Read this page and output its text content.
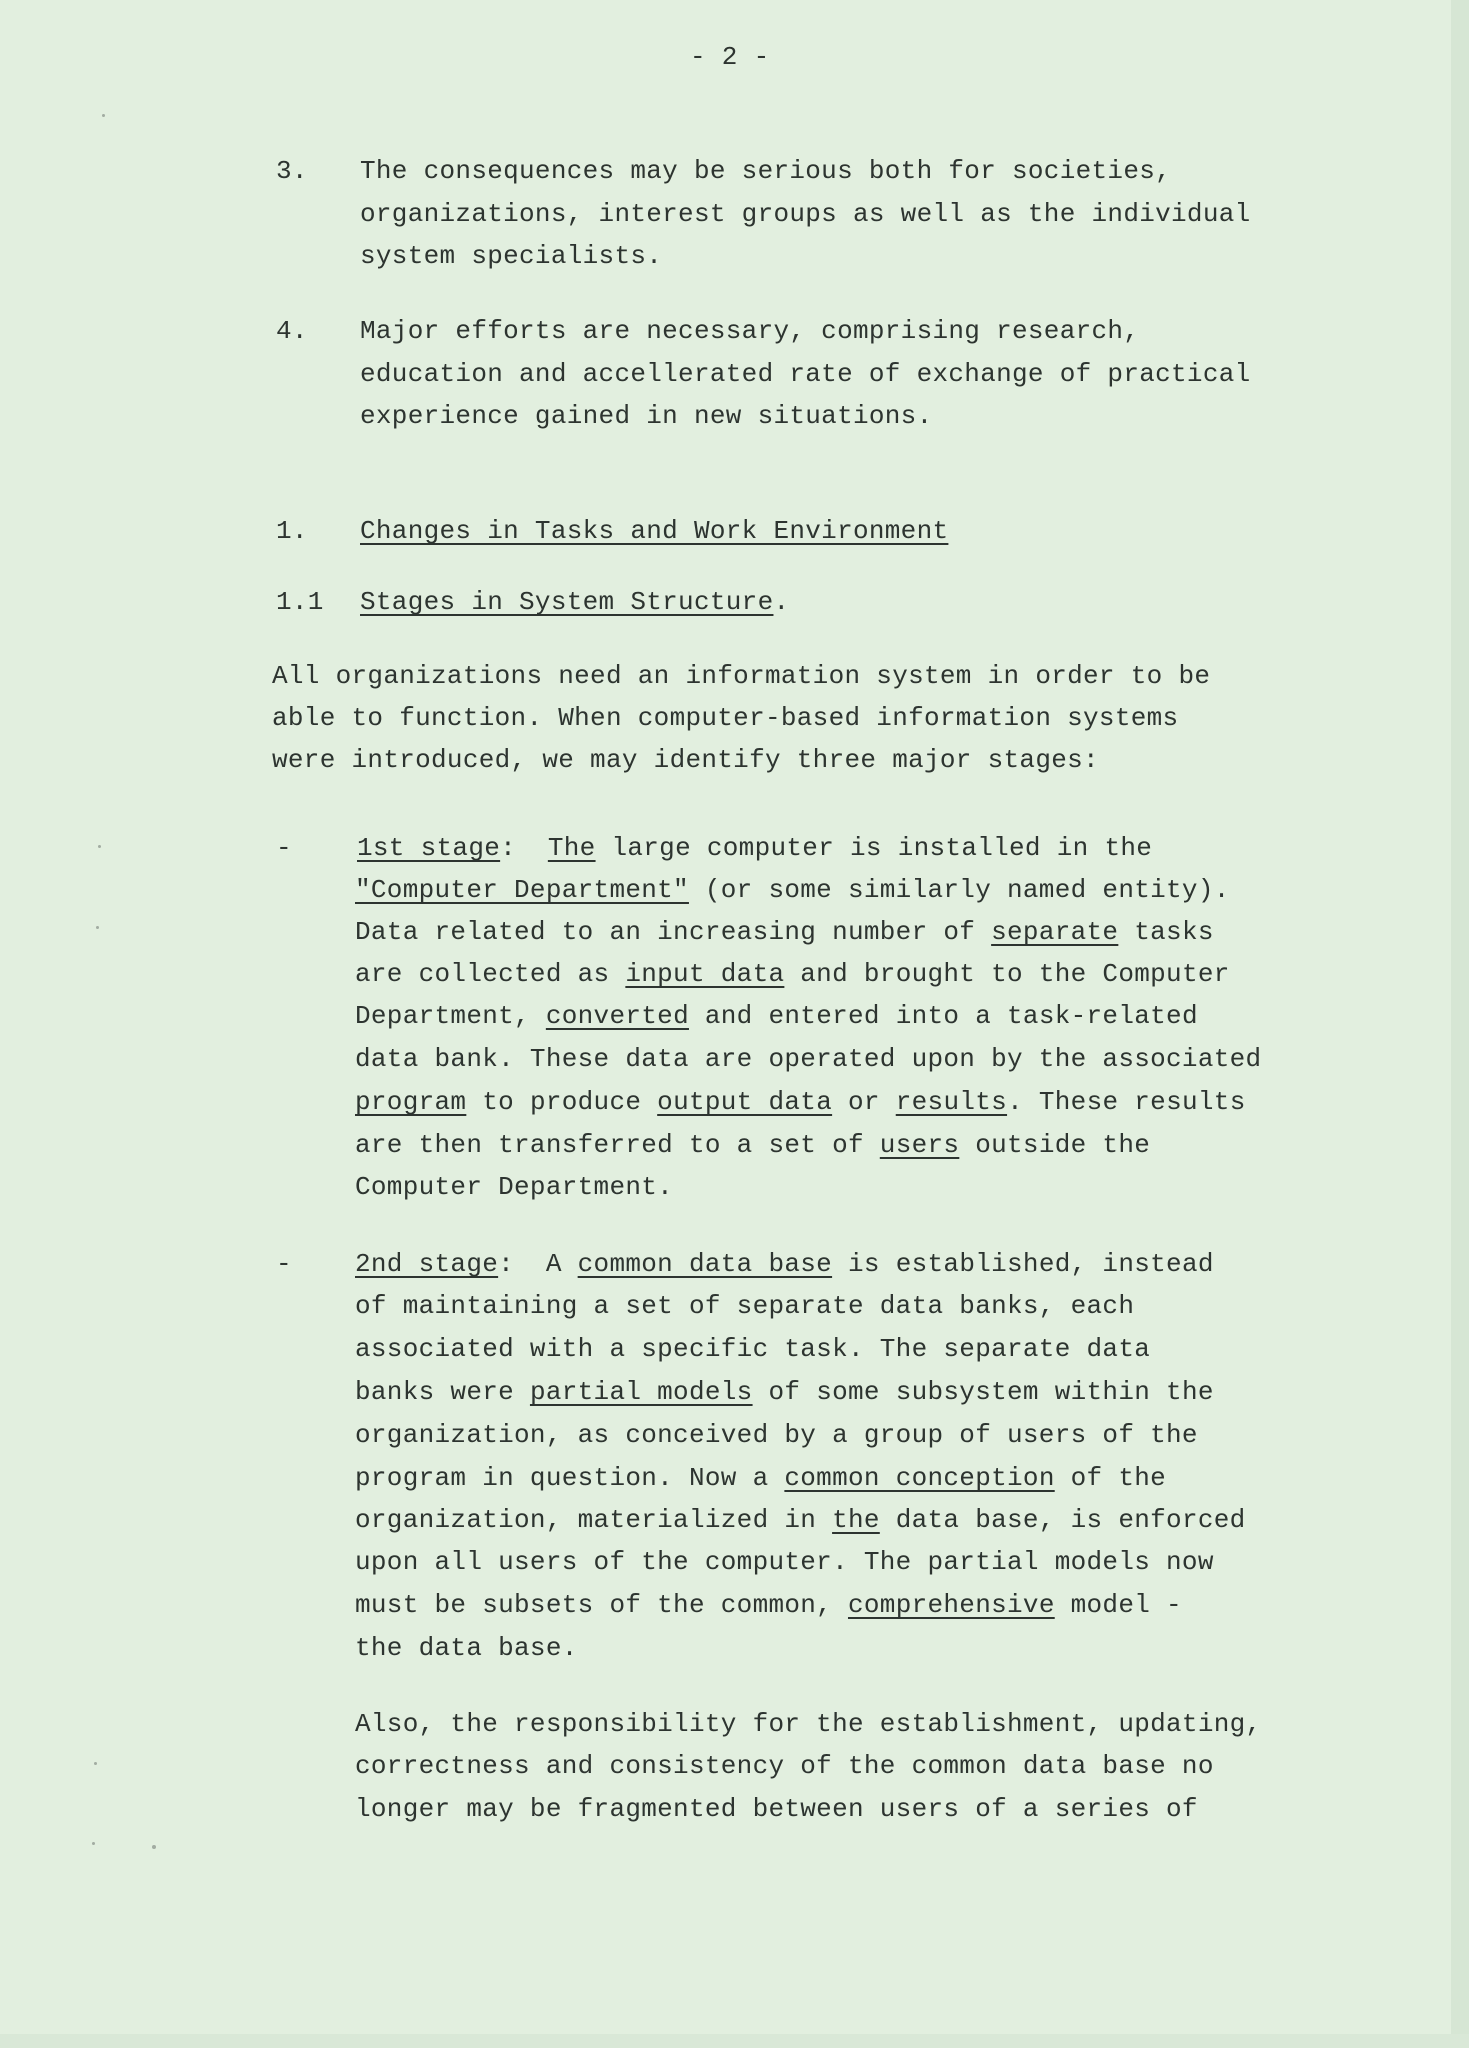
- 2 -
3. The consequences may be serious both for societies,
organizations, interest groups as well as the individual
system specialists.
4. Major efforts are necessary, comprising research,
education and accellerated rate of exchange of practical
experience gained in new situations.
1. Changes in Tasks and Work Environment
1.1 Stages in System Structure.
All organizations need an information system in order to be
able to function. When computer-based information systems
were introduced, we may identify three major stages:
-	1st stage: The large computer is installed in the
"Computer Department" (or some similarly named entity).
Data related to an increasing number of separate tasks
are collected as input data and brought to the Computer
Department, converted and entered into a task-related
data bank. These data are operated upon by the associated
program to produce output data or results. These results
are then transferred to a set of users outside the
Computer Department.
- 2nd stage:  A common data base is established, instead
of maintaining a set of separate data banks, each
associated with a specific task. The separate data
banks were partial models of some subsystem within the
organization, as conceived by a group of users of the
program in question. Now a common conception of the
organization, materialized in the data base, is enforced
upon all users of the computer. The partial models now
must be subsets of the common, comprehensive model -
the data base.
Also, the responsibility for the establishment, updating,
correctness and consistency of the common data base no
longer may be fragmented between users of a series of
